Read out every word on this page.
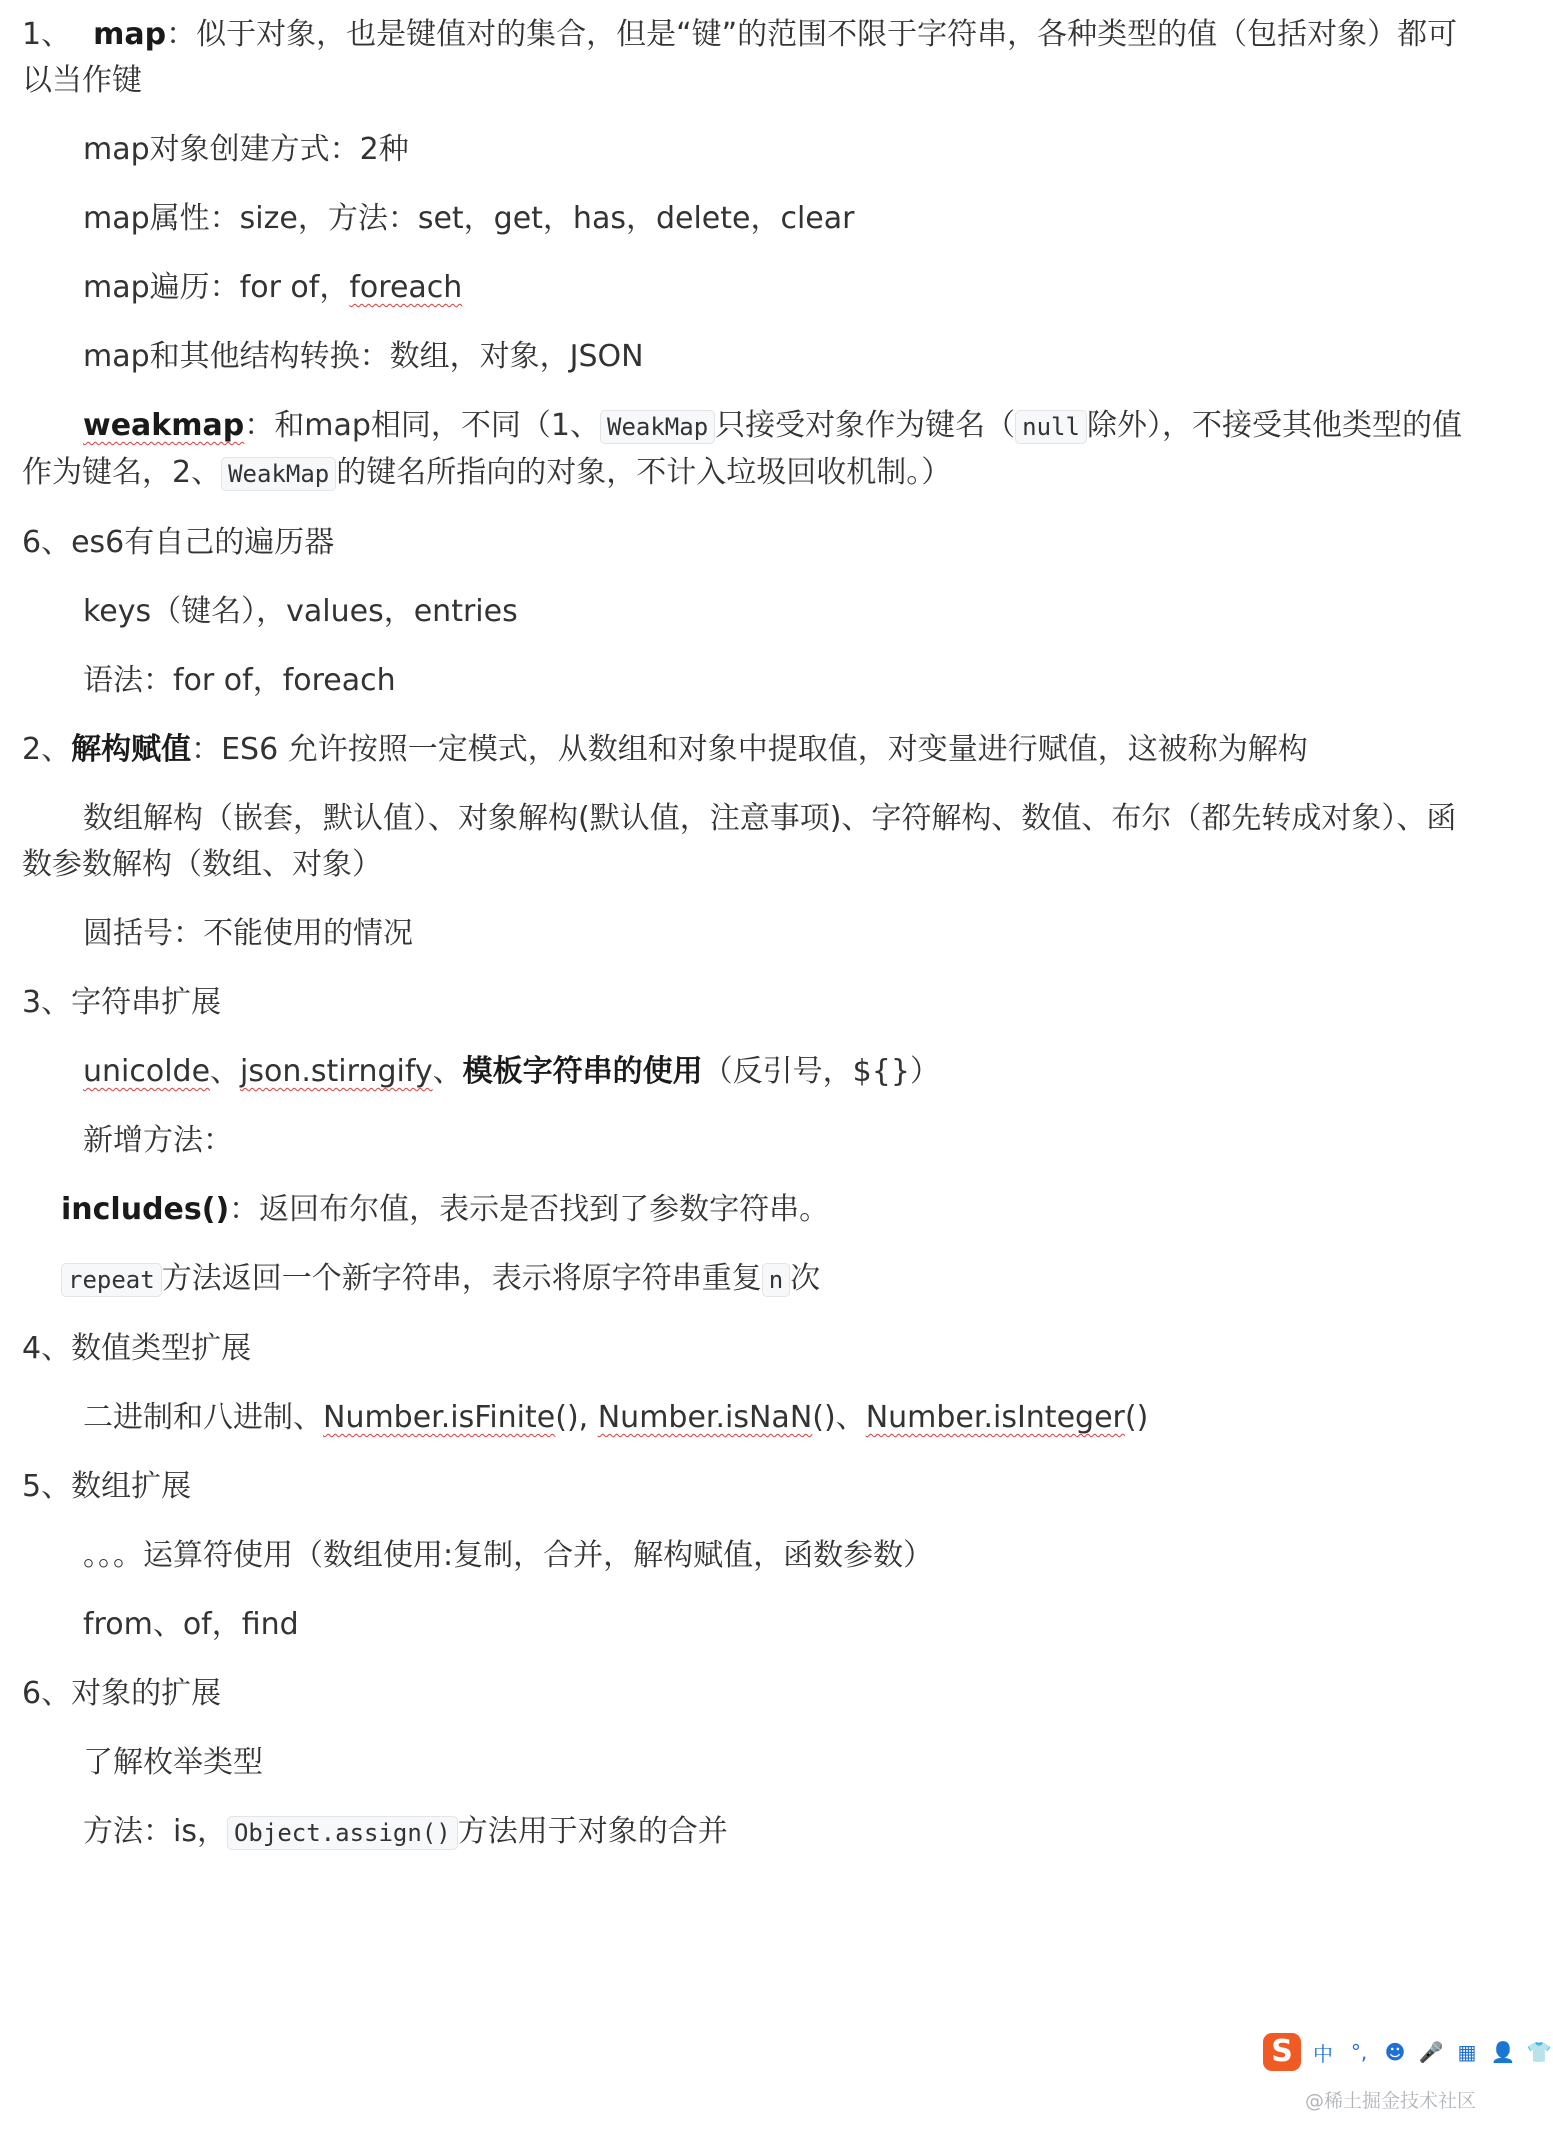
1、 map：似于对象，也是键值对的集合，但是“键”的范围不限于字符串，各种类型的值（包括对象）都可以当作键

map对象创建方式：2种

map属性：size，方法：set，get，has，delete，clear

map遍历：for of，foreach

map和其他结构转换：数组，对象，JSON

weakmap：和map相同，不同（1、 WeakMap 只接受对象作为键名（ null 除外），不接受其他类型的值作为键名，2、 WeakMap 的键名所指向的对象，不计入垃圾回收机制。）

6、es6有自己的遍历器

keys（键名），values，entries

语法：for of，foreach

2、解构赋值：ES6 允许按照一定模式，从数组和对象中提取值，对变量进行赋值，这被称为解构

数组解构（嵌套，默认值）、对象解构(默认值，注意事项)、字符解构、数值、布尔（都先转成对象）、函数参数解构（数组、对象）

圆括号：不能使用的情况

3、字符串扩展

unicolde、json.stirngify、模板字符串的使用（反引号，${}）

新增方法：

includes()：返回布尔值，表示是否找到了参数字符串。

repeat 方法返回一个新字符串，表示将原字符串重复 n 次

4、数值类型扩展

二进制和八进制、Number.isFinite(), Number.isNaN()、Number.isInteger()

5、数组扩展

。。。运算符使用（数组使用:复制，合并，解构赋值，函数参数）

from、of，find

6、对象的扩展

了解枚举类型

方法：is， Object.assign() 方法用于对象的合并

S	中 °, ☻ 🎤 ▦ 👤 👕
@稀土掘金技术社区
